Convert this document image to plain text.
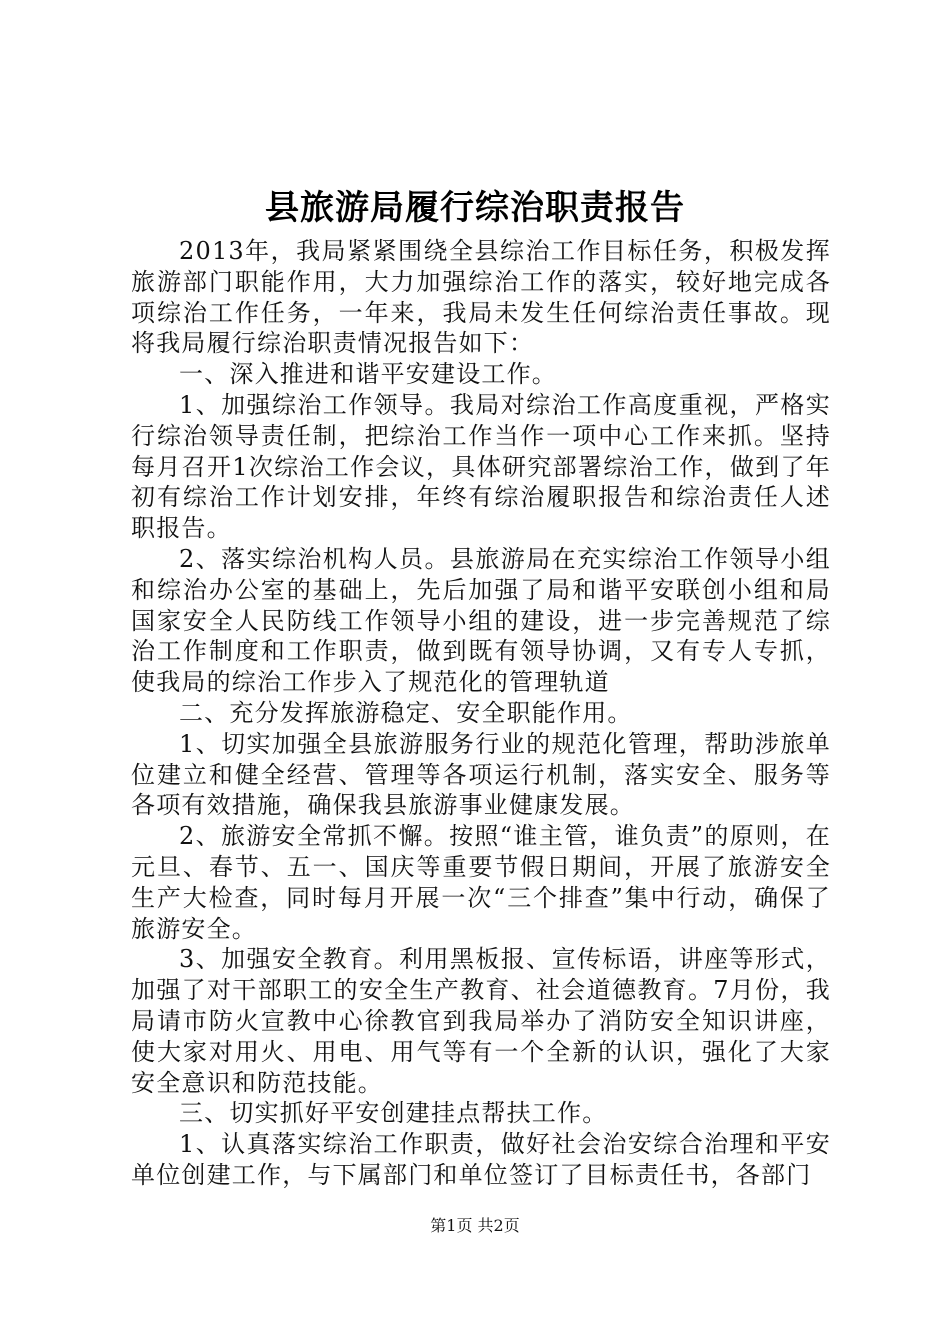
县旅游局履行综治职责报告

2013年，我局紧紧围绕全县综治工作目标任务，积极发挥旅游部门职能作用，大力加强综治工作的落实，较好地完成各项综治工作任务，一年来，我局未发生任何综治责任事故。现将我局履行综治职责情况报告如下：

一、深入推进和谐平安建设工作。

1、加强综治工作领导。我局对综治工作高度重视，严格实行综治领导责任制，把综治工作当作一项中心工作来抓。坚持每月召开1次综治工作会议，具体研究部署综治工作，做到了年初有综治工作计划安排，年终有综治履职报告和综治责任人述职报告。

2、落实综治机构人员。县旅游局在充实综治工作领导小组和综治办公室的基础上，先后加强了局和谐平安联创小组和局国家安全人民防线工作领导小组的建设，进一步完善规范了综治工作制度和工作职责，做到既有领导协调，又有专人专抓，使我局的综治工作步入了规范化的管理轨道

二、充分发挥旅游稳定、安全职能作用。

1、切实加强全县旅游服务行业的规范化管理，帮助涉旅单位建立和健全经营、管理等各项运行机制，落实安全、服务等各项有效措施，确保我县旅游事业健康发展。

2、旅游安全常抓不懈。按照“谁主管，谁负责”的原则，在元旦、春节、五一、国庆等重要节假日期间，开展了旅游安全生产大检查，同时每月开展一次“三个排查”集中行动，确保了旅游安全。

3、加强安全教育。利用黑板报、宣传标语，讲座等形式，加强了对干部职工的安全生产教育、社会道德教育。7月份，我局请市防火宣教中心徐教官到我局举办了消防安全知识讲座，使大家对用火、用电、用气等有一个全新的认识，强化了大家安全意识和防范技能。

三、切实抓好平安创建挂点帮扶工作。

1、认真落实综治工作职责，做好社会治安综合治理和平安单位创建工作，与下属部门和单位签订了目标责任书，各部门

第1页 共2页
